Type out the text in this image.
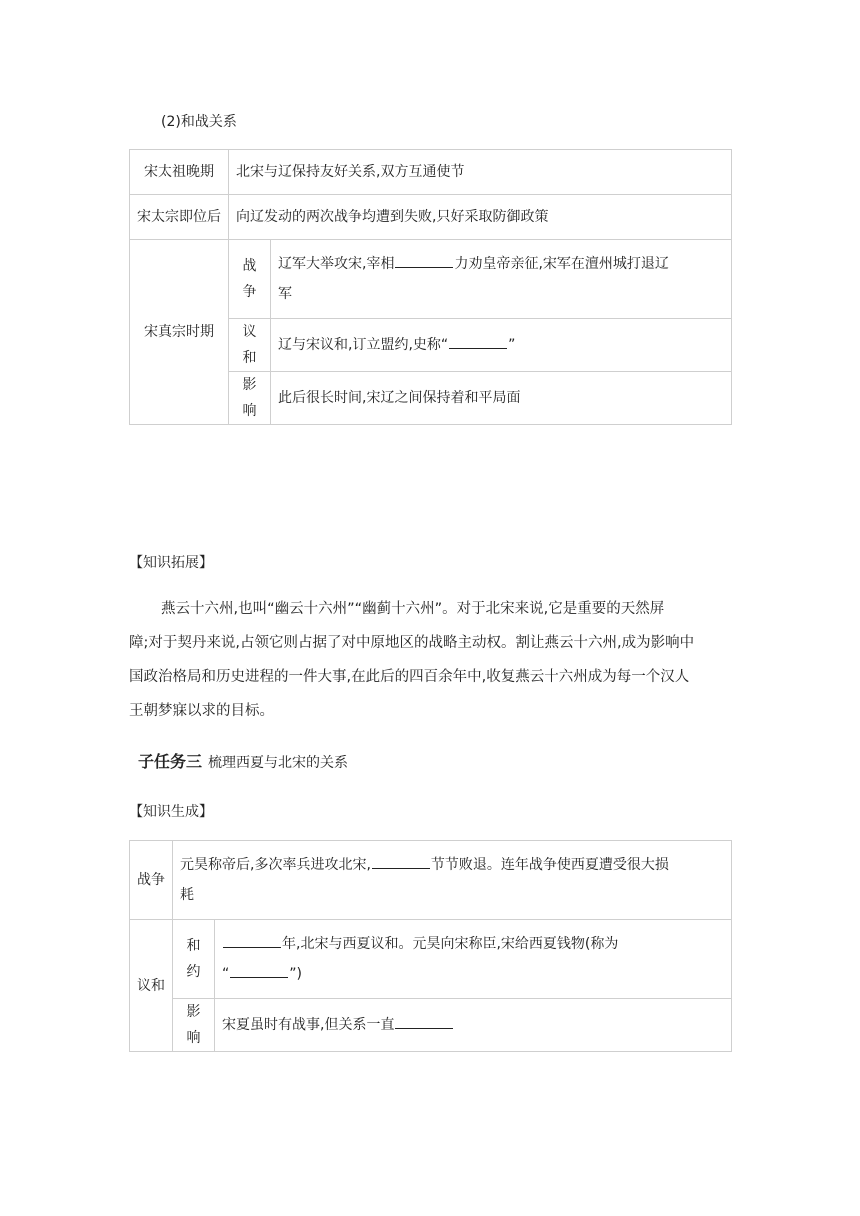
(2)和战关系
宋太祖晚期	北宋与辽保持友好关系,双方互通使节	
宋太宗即位后	向辽发动的两次战争均遭到失败,只好采取防御政策	
宋真宗时期	战争	辽军大举攻宋,宰相 力劝皇帝亲征,宋军在澶州城打退辽
军
	议和	辽与宋议和,订立盟约,史称“ ”
	影响	此后很长时间,宋辽之间保持着和平局面
【知识拓展】
燕云十六州,也叫“幽云十六州”“幽蓟十六州”。对于北宋来说,它是重要的天然屏
障;对于契丹来说,占领它则占据了对中原地区的战略主动权。割让燕云十六州,成为影响中
国政治格局和历史进程的一件大事,在此后的四百余年中,收复燕云十六州成为每一个汉人
王朝梦寐以求的目标。
子任务三 梳理西夏与北宋的关系
【知识生成】
战争	元昊称帝后,多次率兵进攻北宋, 节节败退。连年战争使西夏遭受很大损
耗	
议和	和约	年,北宋与西夏议和。元昊向宋称臣,宋给西夏钱物(称为
“ ”)
	影响	宋夏虽时有战事,但关系一直
